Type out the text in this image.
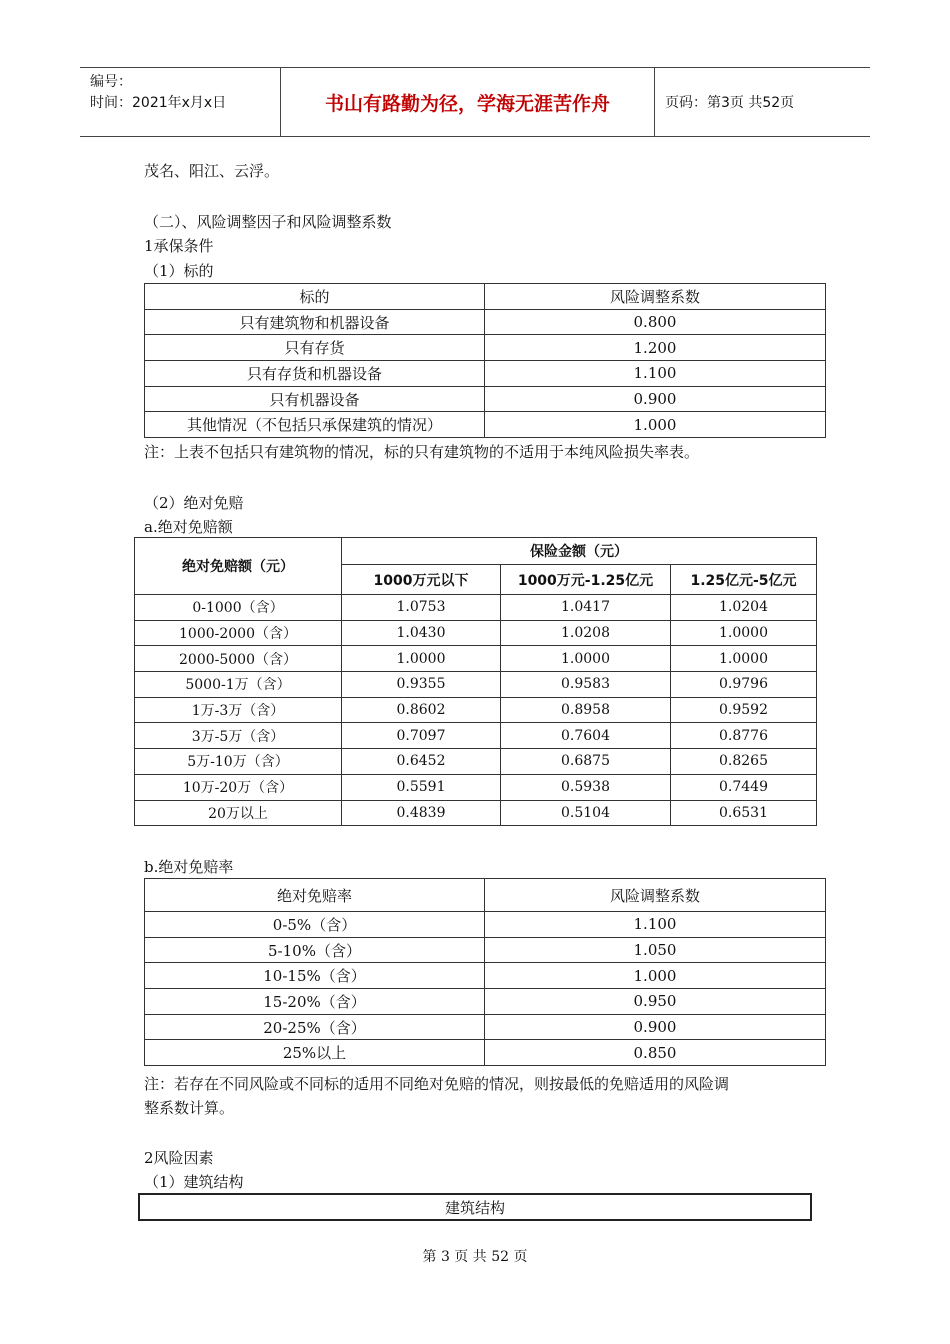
编号：
时间：2021年x月x日	书山有路勤为径，学海无涯苦作舟	页码：第3页 共52页
茂名、阳江、云浮。
（二）、风险调整因子和风险调整系数
1承保条件
（1）标的
标的	风险调整系数
只有建筑物和机器设备	0.800
只有存货	1.200
只有存货和机器设备	1.100
只有机器设备	0.900
其他情况（不包括只承保建筑的情况）	1.000
注：上表不包括只有建筑物的情况，标的只有建筑物的不适用于本纯风险损失率表。
（2）绝对免赔
a.绝对免赔额
绝对免赔额（元）	保险金额（元）		
	1000万元以下	1000万元-1.25亿元	1.25亿元-5亿元
0-1000（含）	1.0753	1.0417	1.0204
1000-2000（含）	1.0430	1.0208	1.0000
2000-5000（含）	1.0000	1.0000	1.0000
5000-1万（含）	0.9355	0.9583	0.9796
1万-3万（含）	0.8602	0.8958	0.9592
3万-5万（含）	0.7097	0.7604	0.8776
5万-10万（含）	0.6452	0.6875	0.8265
10万-20万（含）	0.5591	0.5938	0.7449
20万以上	0.4839	0.5104	0.6531
b.绝对免赔率
绝对免赔率	风险调整系数
0-5%（含）	1.100
5-10%（含）	1.050
10-15%（含）	1.000
15-20%（含）	0.950
20-25%（含）	0.900
25%以上	0.850
注：若存在不同风险或不同标的适用不同绝对免赔的情况，则按最低的免赔适用的风险调
整系数计算。
2风险因素
（1）建筑结构
建筑结构
第 3 页 共 52 页
